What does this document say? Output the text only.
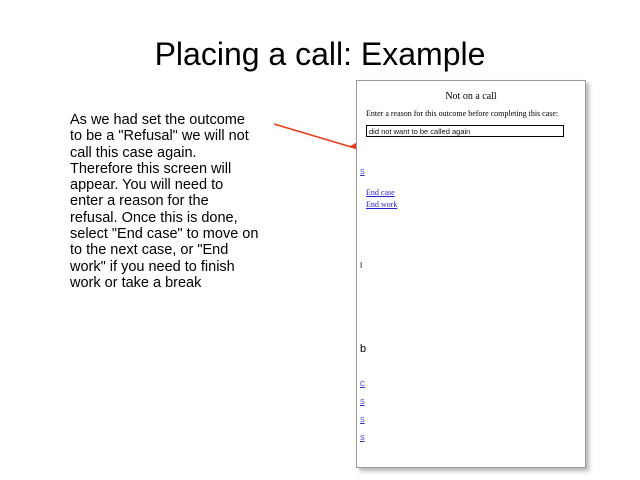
Placing a call: Example
As we had set the outcome to be a "Refusal" we will not call this case again. Therefore this screen will appear. You will need to enter a reason for the refusal. Once this is done, select "End case" to move on to the next case, or "End work" if you need to finish work or take a break
S
I
b
C
S
S
S
Not on a call
Enter a reason for this outcome before completing this case:
did not want to be called again
End case
End work
